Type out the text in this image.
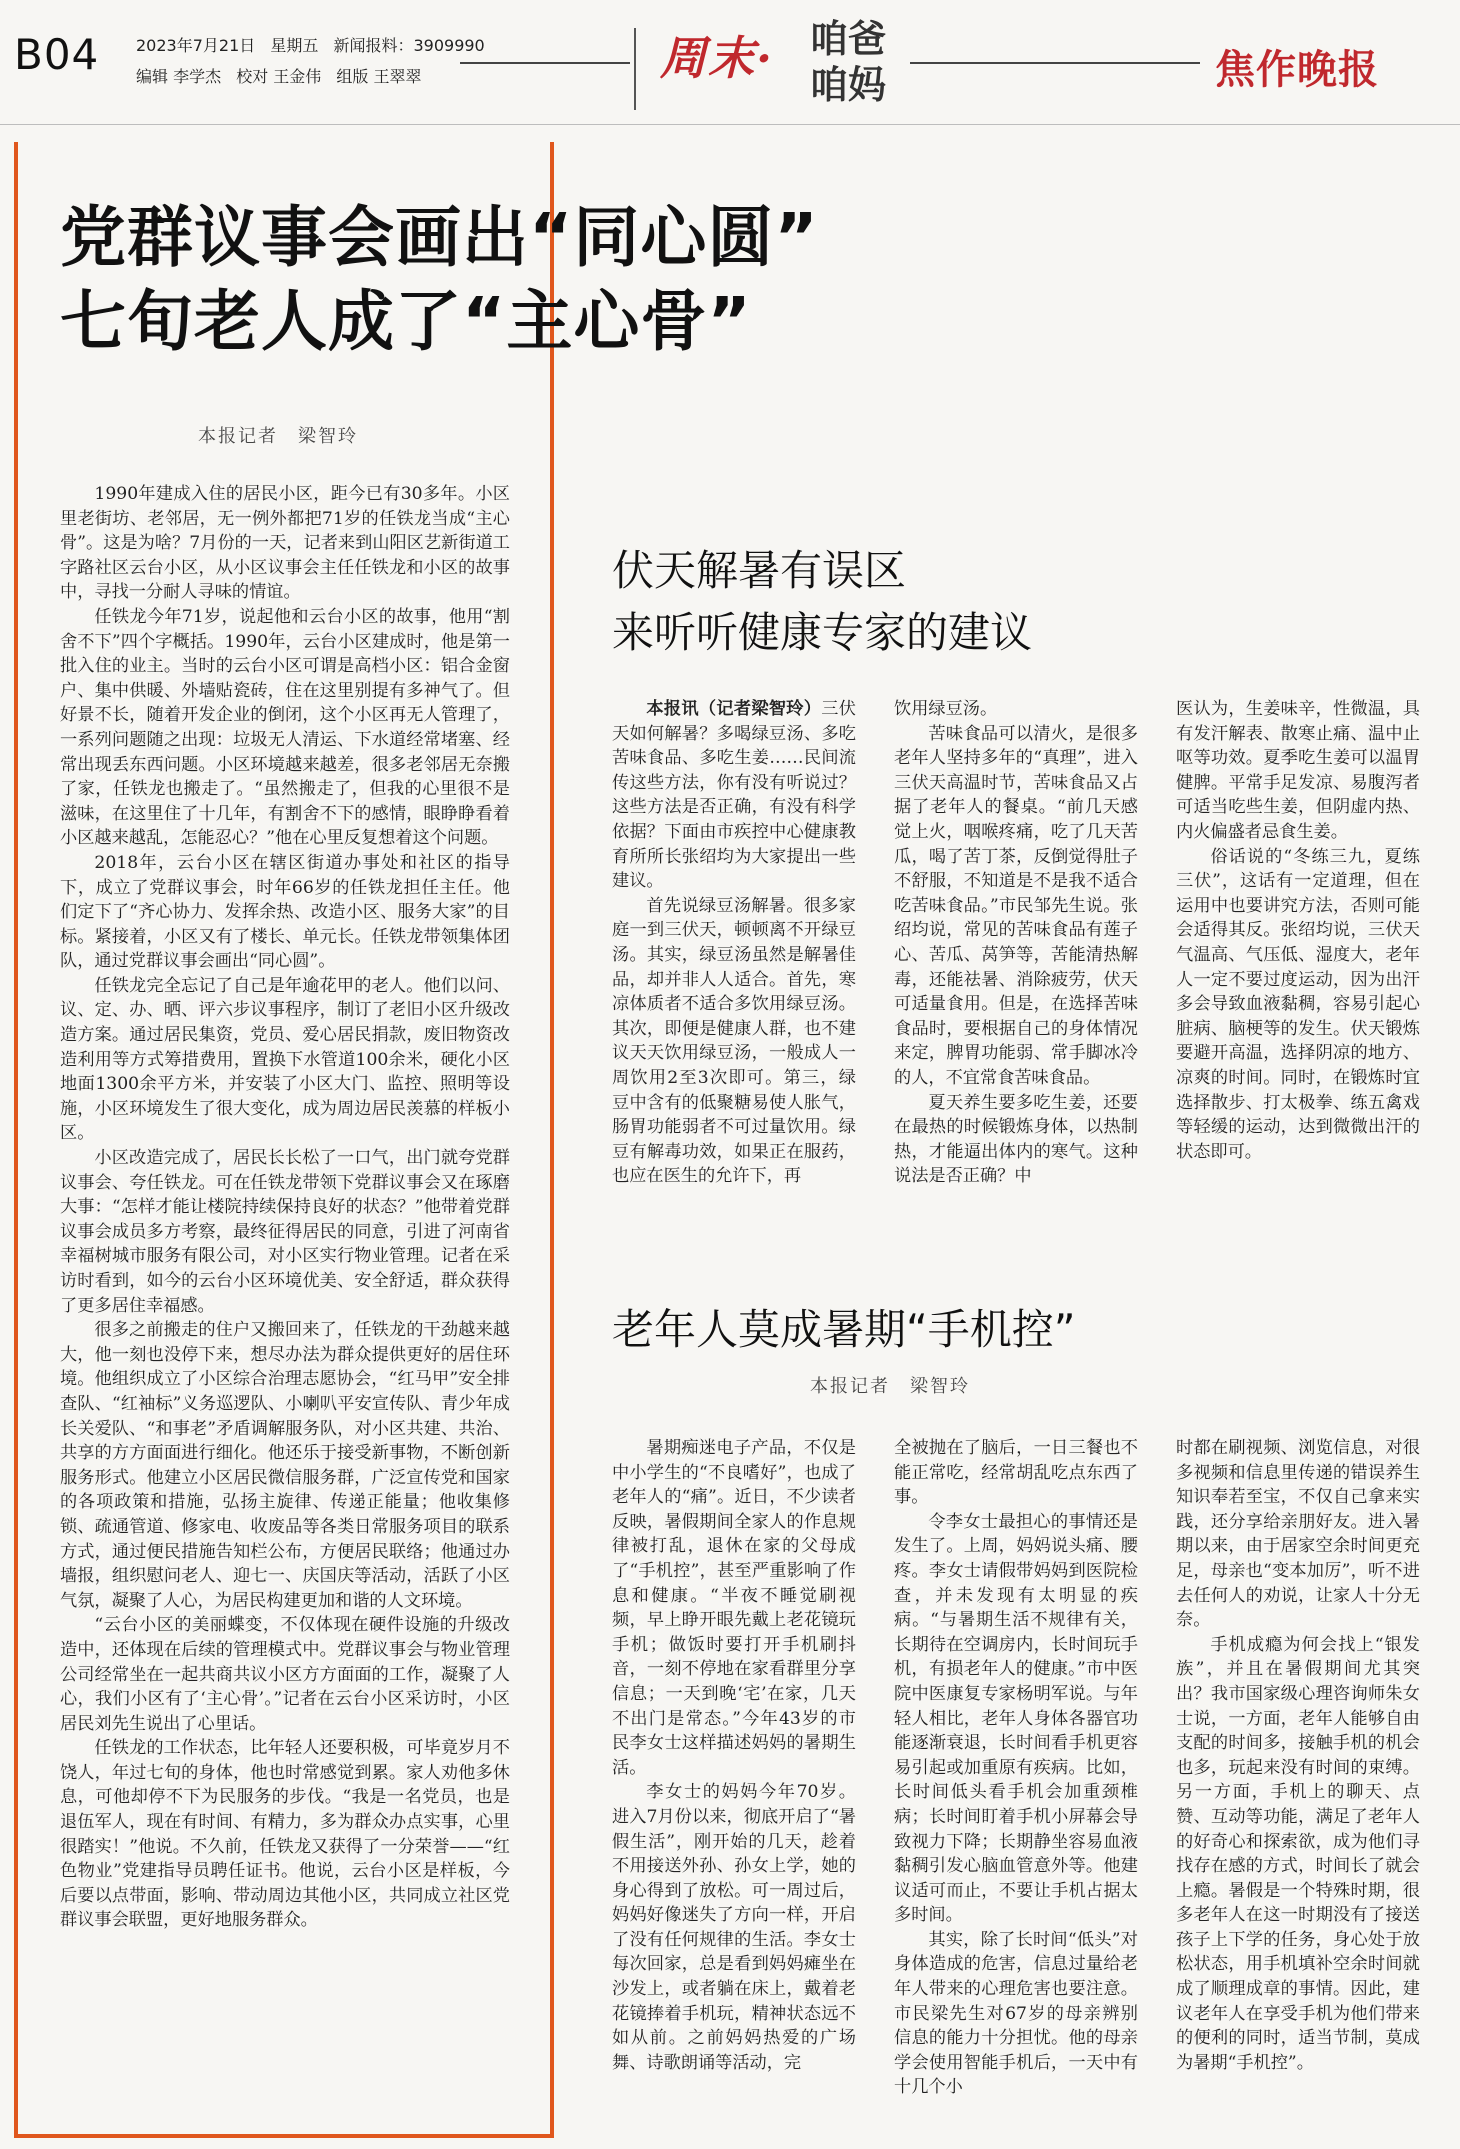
B04 2023年7月21日 星期五 新闻报料：3909990
编辑 李学杰 校对 王金伟 组版 王翠翠	周末· 咱爸咱妈	焦作晚报
党群议事会画出“同心圆”
七旬老人成了“主心骨”
本报记者　梁智玲

1990年建成入住的居民小区，距今已有30多年。小区里老街坊、老邻居，无一例外都把71岁的任铁龙当成“主心骨”。这是为啥？7月份的一天，记者来到山阳区艺新街道工字路社区云台小区，从小区议事会主任任铁龙和小区的故事中，寻找一分耐人寻味的情谊。

任铁龙今年71岁，说起他和云台小区的故事，他用“割舍不下”四个字概括。1990年，云台小区建成时，他是第一批入住的业主。当时的云台小区可谓是高档小区：铝合金窗户、集中供暖、外墙贴瓷砖，住在这里别提有多神气了。但好景不长，随着开发企业的倒闭，这个小区再无人管理了，一系列问题随之出现：垃圾无人清运、下水道经常堵塞、经常出现丢东西问题。小区环境越来越差，很多老邻居无奈搬了家，任铁龙也搬走了。“虽然搬走了，但我的心里很不是滋味，在这里住了十几年，有割舍不下的感情，眼睁睁看着小区越来越乱，怎能忍心？”他在心里反复想着这个问题。

2018年，云台小区在辖区街道办事处和社区的指导下，成立了党群议事会，时年66岁的任铁龙担任主任。他们定下了“齐心协力、发挥余热、改造小区、服务大家”的目标。紧接着，小区又有了楼长、单元长。任铁龙带领集体团队，通过党群议事会画出“同心圆”。

任铁龙完全忘记了自己是年逾花甲的老人。他们以问、议、定、办、晒、评六步议事程序，制订了老旧小区升级改造方案。通过居民集资，党员、爱心居民捐款，废旧物资改造利用等方式筹措费用，置换下水管道100余米，硬化小区地面1300余平方米，并安装了小区大门、监控、照明等设施，小区环境发生了很大变化，成为周边居民羡慕的样板小区。

小区改造完成了，居民长长松了一口气，出门就夸党群议事会、夸任铁龙。可在任铁龙带领下党群议事会又在琢磨大事：“怎样才能让楼院持续保持良好的状态？”他带着党群议事会成员多方考察，最终征得居民的同意，引进了河南省幸福树城市服务有限公司，对小区实行物业管理。记者在采访时看到，如今的云台小区环境优美、安全舒适，群众获得了更多居住幸福感。

很多之前搬走的住户又搬回来了，任铁龙的干劲越来越大，他一刻也没停下来，想尽办法为群众提供更好的居住环境。他组织成立了小区综合治理志愿协会，“红马甲”安全排查队、“红袖标”义务巡逻队、小喇叭平安宣传队、青少年成长关爱队、“和事老”矛盾调解服务队，对小区共建、共治、共享的方方面面进行细化。他还乐于接受新事物，不断创新服务形式。他建立小区居民微信服务群，广泛宣传党和国家的各项政策和措施，弘扬主旋律、传递正能量；他收集修锁、疏通管道、修家电、收废品等各类日常服务项目的联系方式，通过便民措施告知栏公布，方便居民联络；他通过办墙报，组织慰问老人、迎七一、庆国庆等活动，活跃了小区气氛，凝聚了人心，为居民构建更加和谐的人文环境。

“云台小区的美丽蝶变，不仅体现在硬件设施的升级改造中，还体现在后续的管理模式中。党群议事会与物业管理公司经常坐在一起共商共议小区方方面面的工作，凝聚了人心，我们小区有了‘主心骨’。”记者在云台小区采访时，小区居民刘先生说出了心里话。

任铁龙的工作状态，比年轻人还要积极，可毕竟岁月不饶人，年过七旬的身体，他也时常感觉到累。家人劝他多休息，可他却停不下为民服务的步伐。“我是一名党员，也是退伍军人，现在有时间、有精力，多为群众办点实事，心里很踏实！”他说。不久前，任铁龙又获得了一分荣誉——“红色物业”党建指导员聘任证书。他说，云台小区是样板，今后要以点带面，影响、带动周边其他小区，共同成立社区党群议事会联盟，更好地服务群众。

伏天解暑有误区
来听听健康专家的建议

本报讯（记者梁智玲）三伏天如何解暑？多喝绿豆汤、多吃苦味食品、多吃生姜……民间流传这些方法，你有没有听说过？这些方法是否正确，有没有科学依据？下面由市疾控中心健康教育所所长张绍均为大家提出一些建议。

首先说绿豆汤解暑。很多家庭一到三伏天，顿顿离不开绿豆汤。其实，绿豆汤虽然是解暑佳品，却并非人人适合。首先，寒凉体质者不适合多饮用绿豆汤。其次，即便是健康人群，也不建议天天饮用绿豆汤，一般成人一周饮用2至3次即可。第三，绿豆中含有的低聚糖易使人胀气，肠胃功能弱者不可过量饮用。绿豆有解毒功效，如果正在服药，也应在医生的允许下，再

饮用绿豆汤。

苦味食品可以清火，是很多老年人坚持多年的“真理”，进入三伏天高温时节，苦味食品又占据了老年人的餐桌。“前几天感觉上火，咽喉疼痛，吃了几天苦瓜，喝了苦丁茶，反倒觉得肚子不舒服，不知道是不是我不适合吃苦味食品。”市民邹先生说。张绍均说，常见的苦味食品有莲子心、苦瓜、莴笋等，苦能清热解毒，还能祛暑、消除疲劳，伏天可适量食用。但是，在选择苦味食品时，要根据自己的身体情况来定，脾胃功能弱、常手脚冰冷的人，不宜常食苦味食品。

夏天养生要多吃生姜，还要在最热的时候锻炼身体，以热制热，才能逼出体内的寒气。这种说法是否正确？中

医认为，生姜味辛，性微温，具有发汗解表、散寒止痛、温中止呕等功效。夏季吃生姜可以温胃健脾。平常手足发凉、易腹泻者可适当吃些生姜，但阴虚内热、内火偏盛者忌食生姜。

俗话说的“冬练三九，夏练三伏”，这话有一定道理，但在运用中也要讲究方法，否则可能会适得其反。张绍均说，三伏天气温高、气压低、湿度大，老年人一定不要过度运动，因为出汗多会导致血液黏稠，容易引起心脏病、脑梗等的发生。伏天锻炼要避开高温，选择阴凉的地方、凉爽的时间。同时，在锻炼时宜选择散步、打太极拳、练五禽戏等轻缓的运动，达到微微出汗的状态即可。

老年人莫成暑期“手机控”
本报记者　梁智玲

暑期痴迷电子产品，不仅是中小学生的“不良嗜好”，也成了老年人的“痛”。近日，不少读者反映，暑假期间全家人的作息规律被打乱，退休在家的父母成了“手机控”，甚至严重影响了作息和健康。“半夜不睡觉刷视频，早上睁开眼先戴上老花镜玩手机；做饭时要打开手机刷抖音，一刻不停地在家看群里分享信息；一天到晚‘宅’在家，几天不出门是常态。”今年43岁的市民李女士这样描述妈妈的暑期生活。

李女士的妈妈今年70岁。进入7月份以来，彻底开启了“暑假生活”，刚开始的几天，趁着不用接送外孙、孙女上学，她的身心得到了放松。可一周过后，妈妈好像迷失了方向一样，开启了没有任何规律的生活。李女士每次回家，总是看到妈妈瘫坐在沙发上，或者躺在床上，戴着老花镜捧着手机玩，精神状态远不如从前。之前妈妈热爱的广场舞、诗歌朗诵等活动，完

全被抛在了脑后，一日三餐也不能正常吃，经常胡乱吃点东西了事。

令李女士最担心的事情还是发生了。上周，妈妈说头痛、腰疼。李女士请假带妈妈到医院检查，并未发现有太明显的疾病。“与暑期生活不规律有关，长期待在空调房内，长时间玩手机，有损老年人的健康。”市中医院中医康复专家杨明军说。与年轻人相比，老年人身体各器官功能逐渐衰退，长时间看手机更容易引起或加重原有疾病。比如，长时间低头看手机会加重颈椎病；长时间盯着手机小屏幕会导致视力下降；长期静坐容易血液黏稠引发心脑血管意外等。他建议适可而止，不要让手机占据太多时间。

其实，除了长时间“低头”对身体造成的危害，信息过量给老年人带来的心理危害也要注意。市民梁先生对67岁的母亲辨别信息的能力十分担忧。他的母亲学会使用智能手机后，一天中有十几个小

时都在刷视频、浏览信息，对很多视频和信息里传递的错误养生知识奉若至宝，不仅自己拿来实践，还分享给亲朋好友。进入暑期以来，由于居家空余时间更充足，母亲也“变本加厉”，听不进去任何人的劝说，让家人十分无奈。

手机成瘾为何会找上“银发族”，并且在暑假期间尤其突出？我市国家级心理咨询师朱女士说，一方面，老年人能够自由支配的时间多，接触手机的机会也多，玩起来没有时间的束缚。另一方面，手机上的聊天、点赞、互动等功能，满足了老年人的好奇心和探索欲，成为他们寻找存在感的方式，时间长了就会上瘾。暑假是一个特殊时期，很多老年人在这一时期没有了接送孩子上下学的任务，身心处于放松状态，用手机填补空余时间就成了顺理成章的事情。因此，建议老年人在享受手机为他们带来的便利的同时，适当节制，莫成为暑期“手机控”。
